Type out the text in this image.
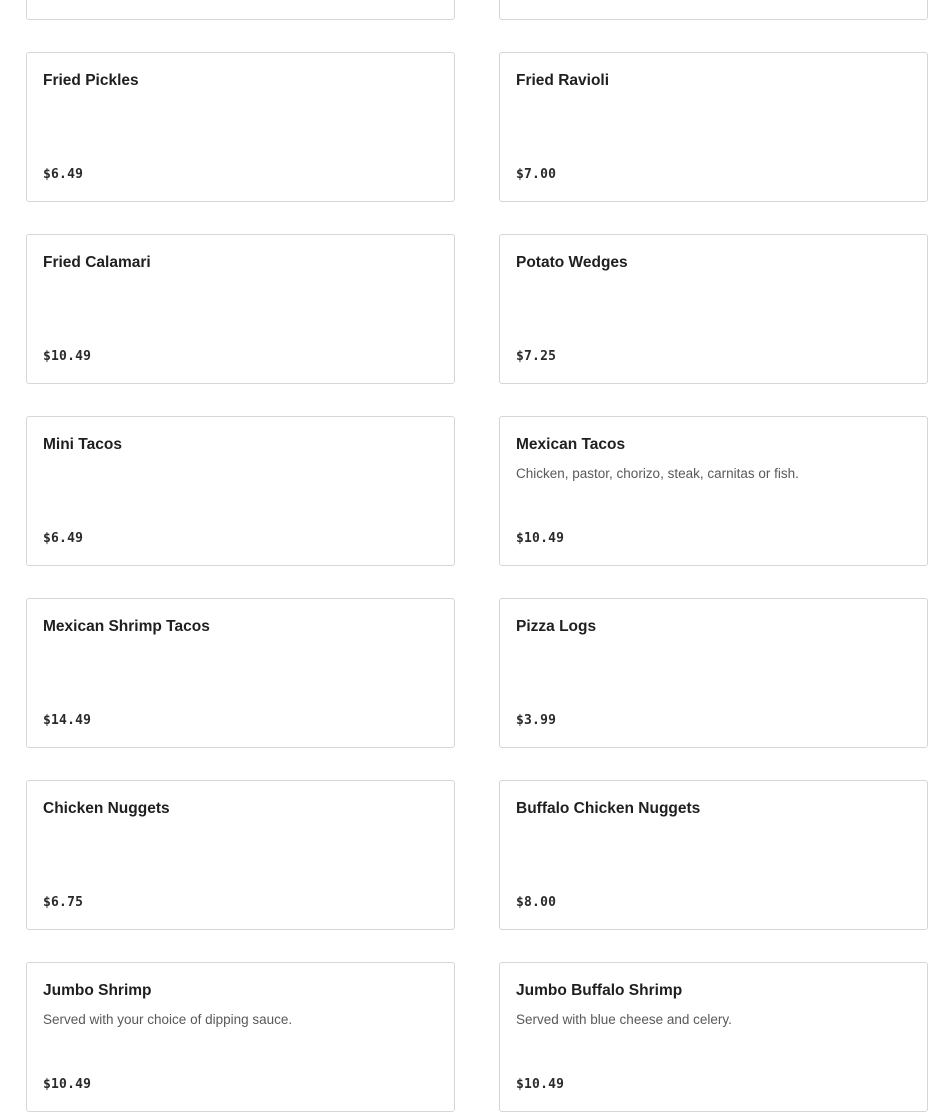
Fried Pickles
$6.49
Fried Ravioli
$7.00
Fried Calamari
$10.49
Potato Wedges
$7.25
Mini Tacos
$6.49
Mexican Tacos
Chicken, pastor, chorizo, steak, carnitas or fish.
$10.49
Mexican Shrimp Tacos
$14.49
Pizza Logs
$3.99
Chicken Nuggets
$6.75
Buffalo Chicken Nuggets
$8.00
Jumbo Shrimp
Served with your choice of dipping sauce.
$10.49
Jumbo Buffalo Shrimp
Served with blue cheese and celery.
$10.49
